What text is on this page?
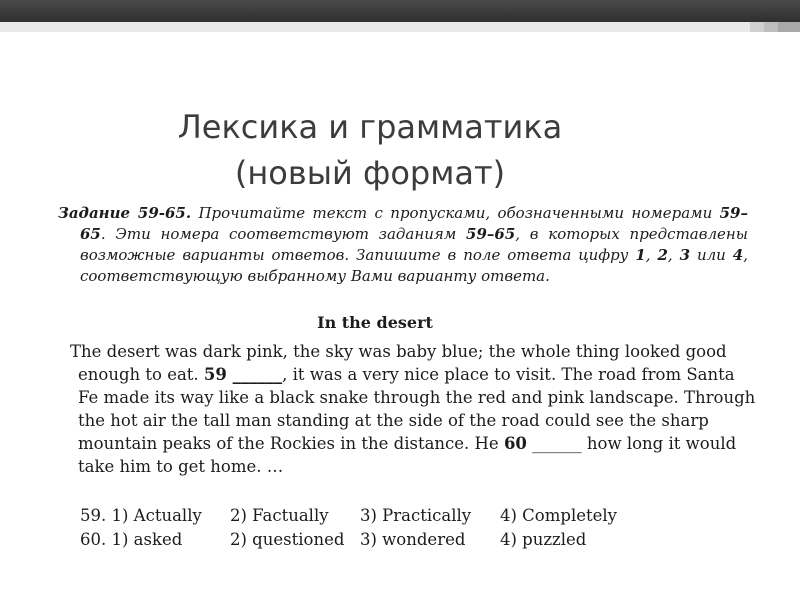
Лексика и грамматика
(новый формат)

Задание 59-65. Прочитайте текст с пропусками, обозначенными номерами 59–65. Эти номера соответствуют заданиям 59–65, в которых представлены возможные варианты ответов. Запишите в поле ответа цифру 1, 2, 3 или 4, соответствующую выбранному Вами варианту ответа.

In the desert

The desert was dark pink, the sky was baby blue; the whole thing looked good enough to eat. 59 ______, it was a very nice place to visit. The road from Santa Fe made its way like a black snake through the red and pink landscape. Through the hot air the tall man standing at the side of the road could see the sharp mountain peaks of the Rockies in the distance. He 60 ______ how long it would take him to get home. …

59. 1) Actually	2) Factually	3) Practically	4) Completely
60. 1) asked	2) questioned 3) wondered	4) puzzled
